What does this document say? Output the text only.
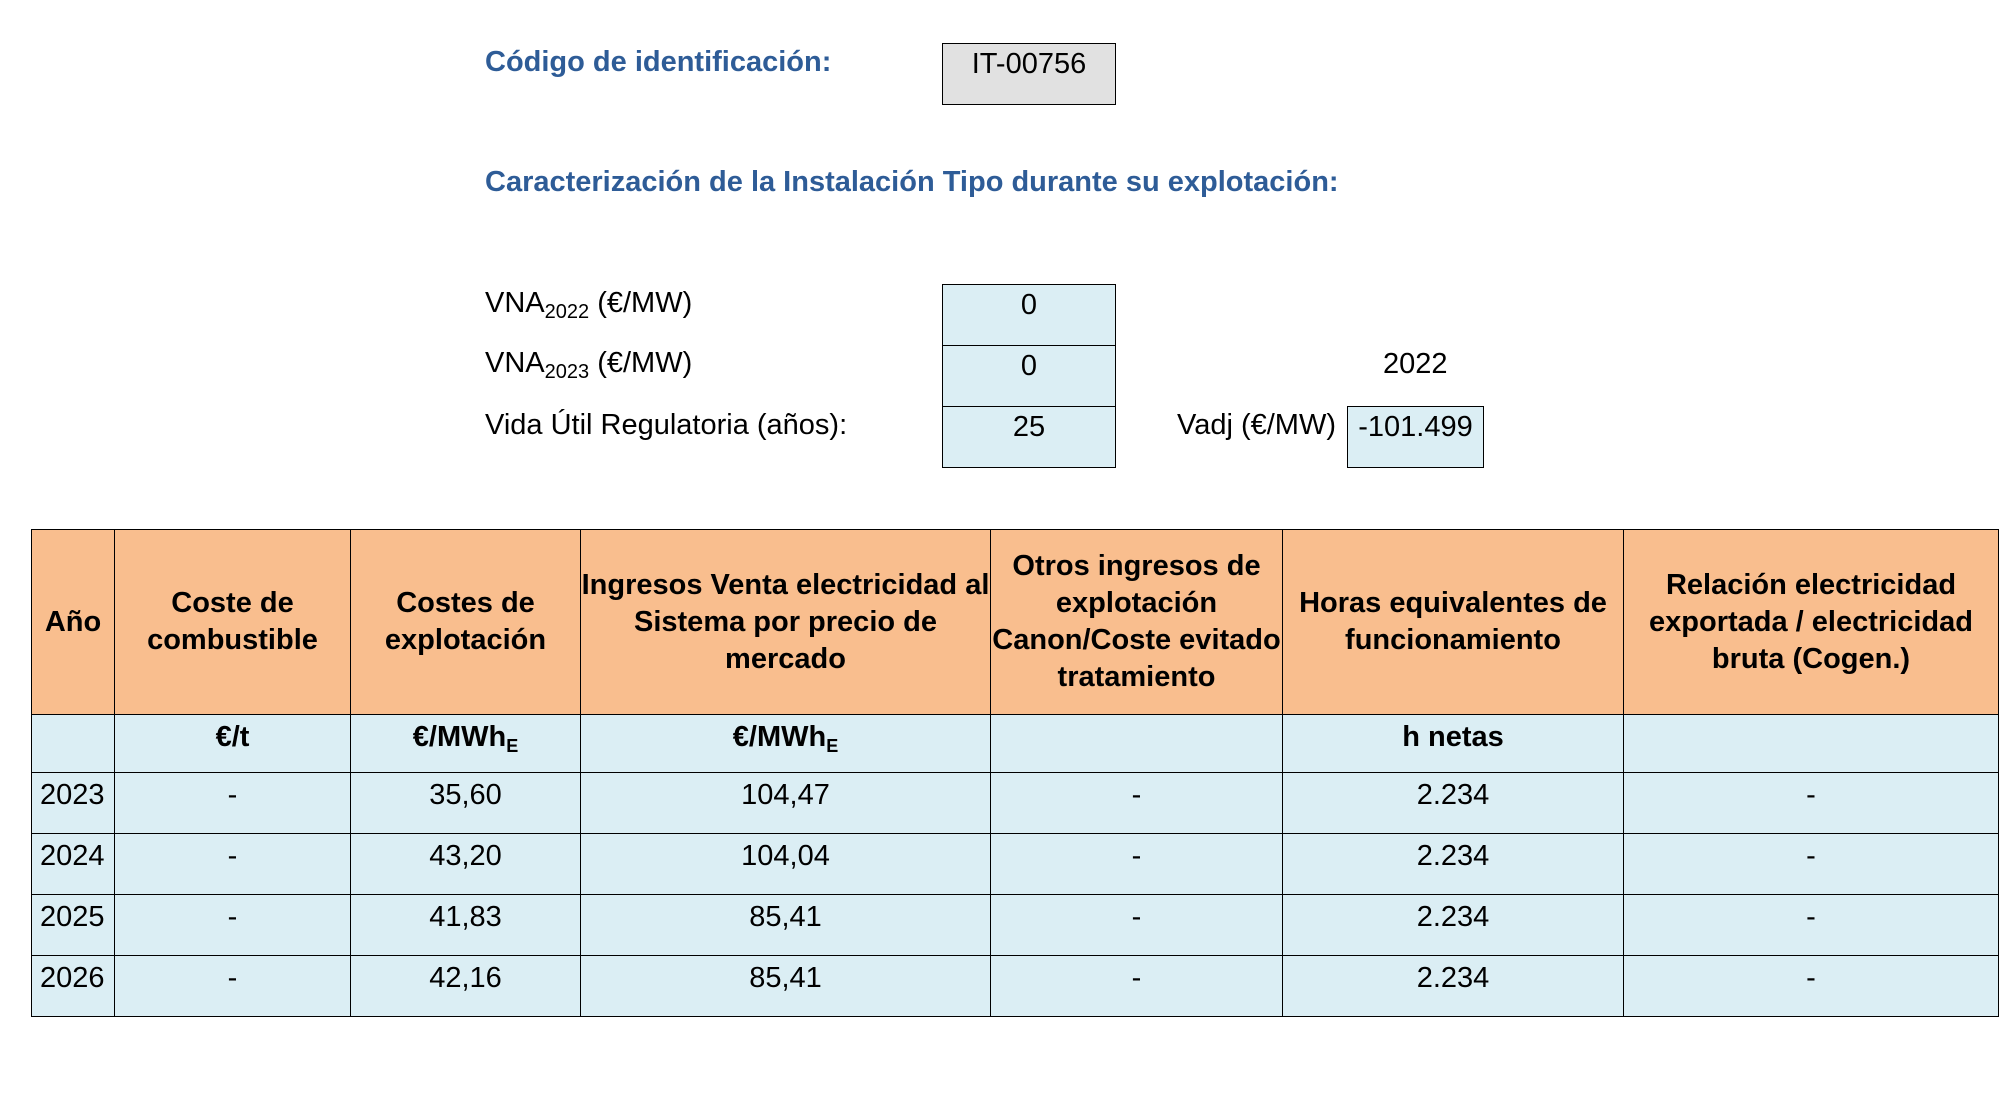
Código de identificación:	IT-00756
Caracterización de la Instalación Tipo durante su explotación:
$VNA_{2022}$ (€/MW)	0
$VNA_{2023}$ (€/MW)	0	2022
Vida Útil Regulatoria (años):	25	Vadj (€/MW) -101.499
Año	Coste de combustible	Costes de explotación	Ingresos Venta electricidad al Sistema por precio de mercado	Otros ingresos de explotación Canon/Coste evitado tratamiento	Horas equivalentes de funcionamiento	Relación electricidad exportada / electricidad bruta (Cogen.)
	€/t	€/MWh$_E$	€/MWh$_E$		h netas	
2023	-	35,60	104,47	-	2.234	-
2024	-	43,20	104,04	-	2.234	-
2025	-	41,83	85,41	-	2.234	-
2026	-	42,16	85,41	-	2.234	-
